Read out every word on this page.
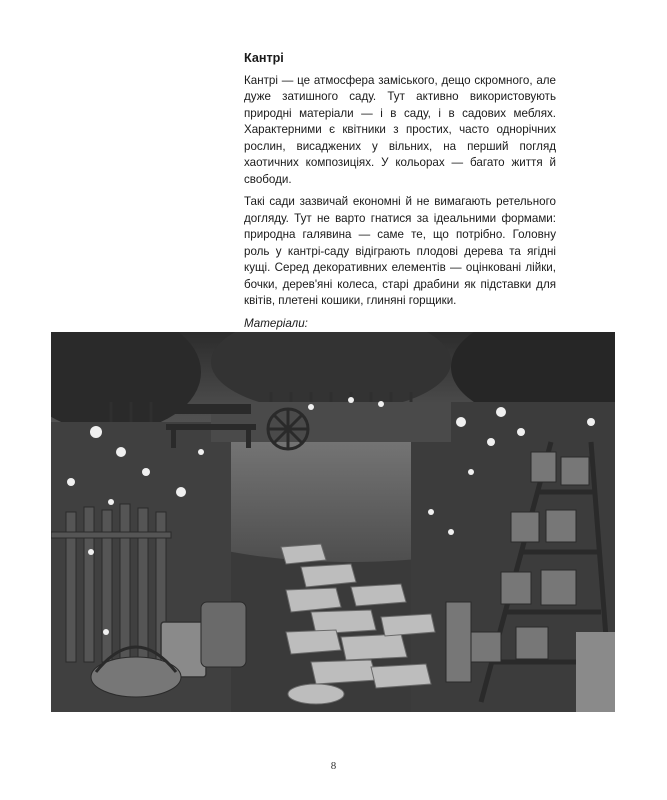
Кантрі

Кантрі — це атмосфера заміського, дещо скромного, але дуже затишного саду. Тут активно використовують природні матеріали — і в саду, і в садових меблях. Характерними є квітники з простих, часто однорічних рослин, висаджених у вільних, на перший погляд хаотичних композиціях. У кольорах — багато життя й свободи.

Такі сади зазвичай економні й не вимагають ретельного догляду. Тут не варто гнатися за ідеальними формами: природна галявина — саме те, що потрібно. Головну роль у кантрі-саду відіграють плодові дерева та ягідні кущі. Серед декоративних елементів — оцінковані лійки, бочки, дерев'яні колеса, старі драбини як підставки для квітів, плетені кошики, глиняні горщики.

Матеріали:

8
